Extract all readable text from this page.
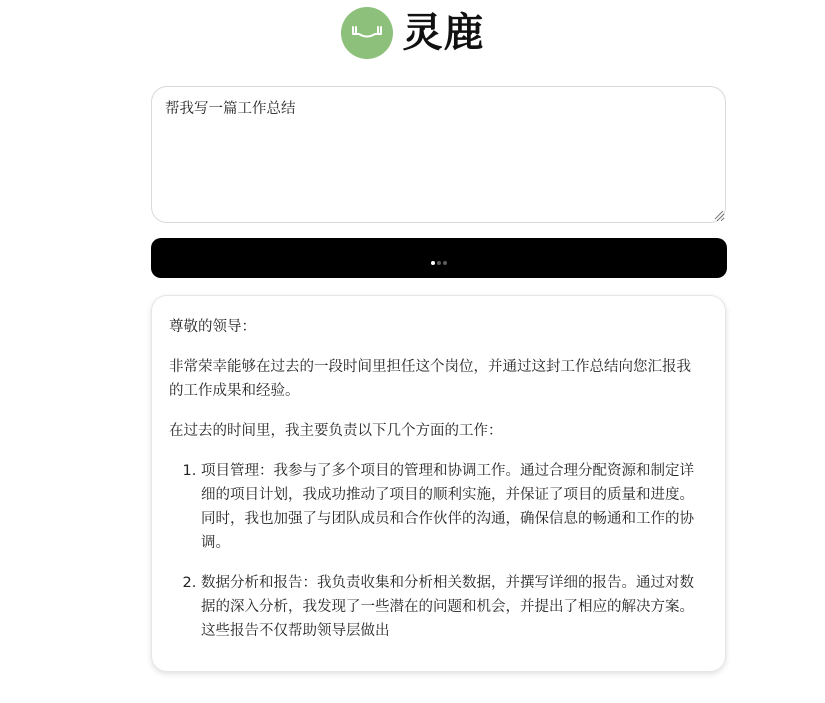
灵鹿
帮我写一篇工作总结

尊敬的领导：

非常荣幸能够在过去的一段时间里担任这个岗位，并通过这封工作总结向您汇报我的工作成果和经验。

在过去的时间里，我主要负责以下几个方面的工作：

1. 项目管理：我参与了多个项目的管理和协调工作。通过合理分配资源和制定详细的项目计划，我成功推动了项目的顺利实施，并保证了项目的质量和进度。同时，我也加强了与团队成员和合作伙伴的沟通，确保信息的畅通和工作的协调。
2. 数据分析和报告：我负责收集和分析相关数据，并撰写详细的报告。通过对数据的深入分析，我发现了一些潜在的问题和机会，并提出了相应的解决方案。这些报告不仅帮助领导层做出
